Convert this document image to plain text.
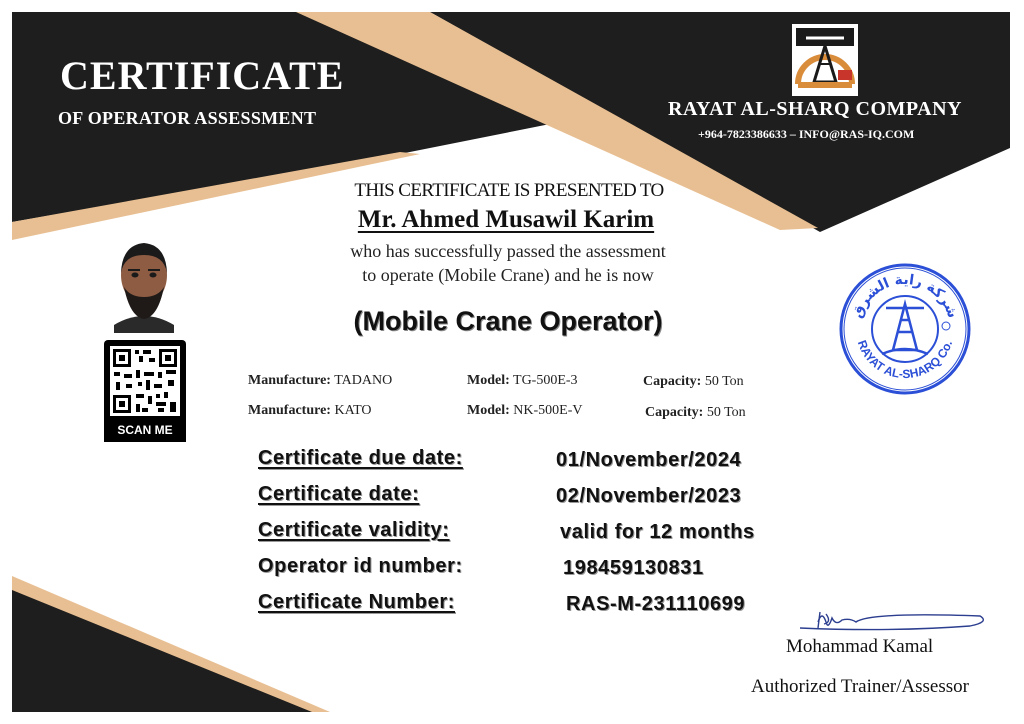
CERTIFICATE
OF OPERATOR ASSESSMENT	RAYAT AL-SHARQ COMPANY
+964-7823386633 – INFO@RAS-IQ.COM
THIS CERTIFICATE IS PRESENTED TO
Mr. Ahmed Musawil Karim
who has successfully passed the assessment
to operate (Mobile Crane) and he is now
(Mobile Crane Operator)
SCAN ME
Manufacture: TADANO	Model: TG-500E-3	Capacity: 50 Ton
Manufacture: KATO	Model: NK-500E-V	Capacity: 50 Ton
Certificate due date:	01/November/2024
Certificate date:	02/November/2023
Certificate validity:	valid for 12 months
Operator id number:	198459130831
Certificate Number:	RAS-M-231110699
شركة راية الشرق
RAYAT AL-SHARQ Co.
Mohammad Kamal
Authorized Trainer/Assessor
